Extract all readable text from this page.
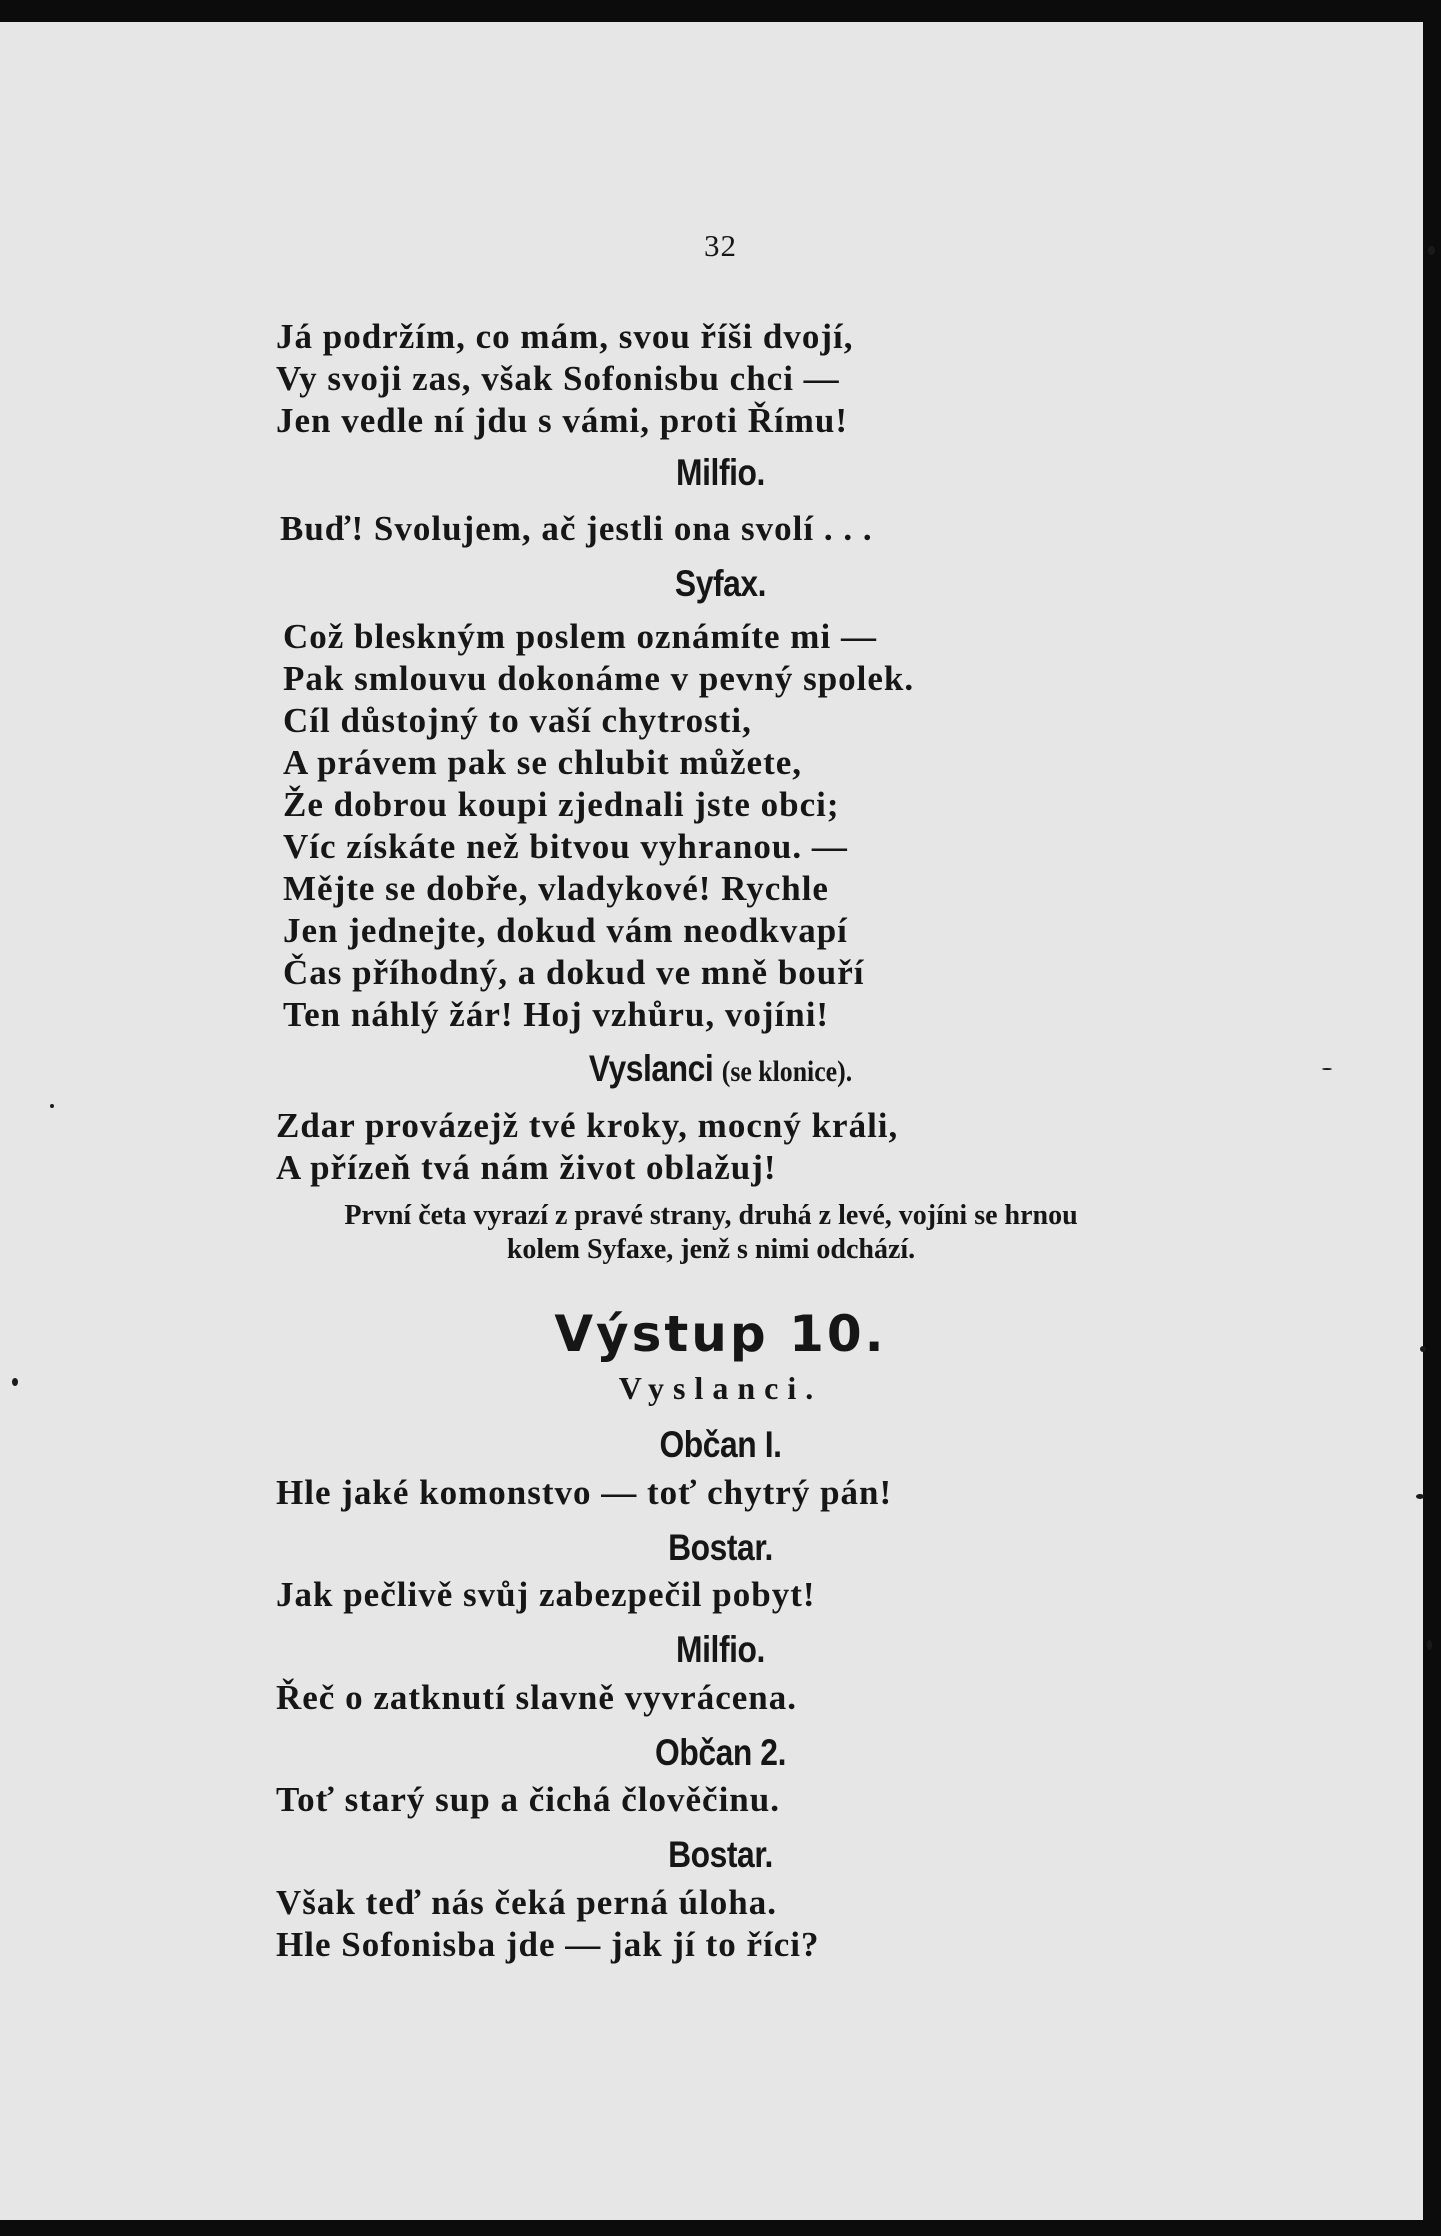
32
Já podržím, co mám, svou říši dvojí,
Vy svoji zas, však Sofonisbu chci —
Jen vedle ní jdu s vámi, proti Římu!
Milfio.
Buď! Svolujem, ač jestli ona svolí . . .
Syfax.
Což bleskným poslem oznámíte mi —
Pak smlouvu dokonáme v pevný spolek.
Cíl důstojný to vaší chytrosti,
A právem pak se chlubit můžete,
Že dobrou koupi zjednali jste obci;
Víc získáte než bitvou vyhranou. —
Mějte se dobře, vladykové! Rychle
Jen jednejte, dokud vám neodkvapí
Čas příhodný, a dokud ve mně bouří
Ten náhlý žár! Hoj vzhůru, vojíni!
Vyslanci (se klonice).
Zdar provázejž tvé kroky, mocný králi,
A přízeň tvá nám život oblažuj!
První četa vyrazí z pravé strany, druhá z levé, vojíni se hrnou
kolem Syfaxe, jenž s nimi odchází.
Výstup 10.
Vyslanci.
Občan I.
Hle jaké komonstvo — toť chytrý pán!
Bostar.
Jak pečlivě svůj zabezpečil pobyt!
Milfio.
Řeč o zatknutí slavně vyvrácena.
Občan 2.
Toť starý sup a čichá člověčinu.
Bostar.
Však teď nás čeká perná úloha.
Hle Sofonisba jde — jak jí to říci?
